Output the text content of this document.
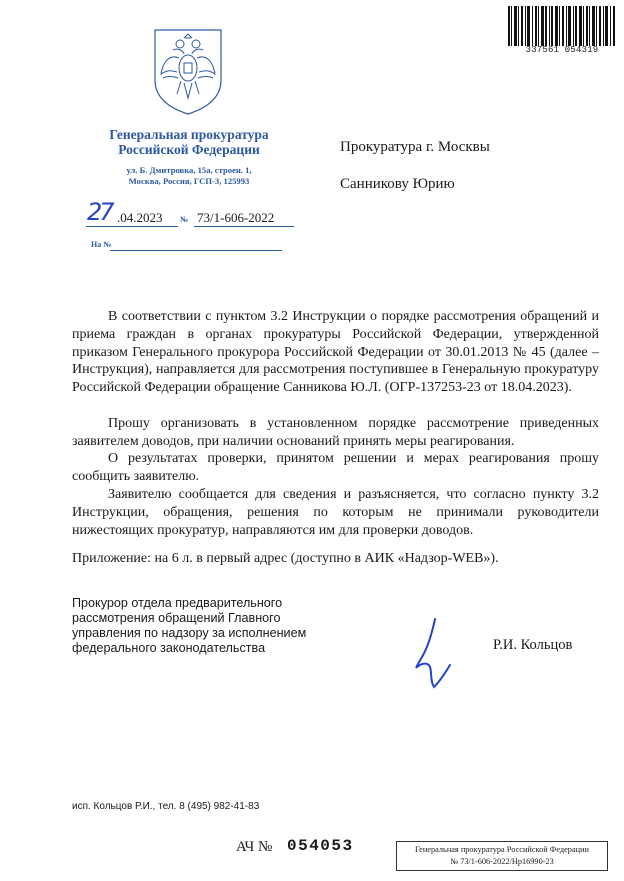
337561 054319
Генеральная прокуратура
Российской Федерации
ул. Б. Дмитровка, 15а, строен. 1,
Москва, Россия, ГСП-3, 125993
27 .04.2023 № 73/1-606-2022
На №
Прокуратура г. Москвы
Санникову Юрию
В соответствии с пунктом 3.2 Инструкции о порядке рассмотрения обращений и приема граждан в органах прокуратуры Российской Федерации, утвержденной приказом Генерального прокурора Российской Федерации от 30.01.2013 № 45 (далее – Инструкция), направляется для рассмотрения поступившее в Генеральную прокуратуру Российской Федерации обращение Санникова Ю.Л. (ОГР-137253-23 от 18.04.2023).
Прошу организовать в установленном порядке рассмотрение приведенных заявителем доводов, при наличии оснований принять меры реагирования.
О результатах проверки, принятом решении и мерах реагирования прошу сообщить заявителю.
Заявителю сообщается для сведения и разъясняется, что согласно пункту 3.2 Инструкции, обращения, решения по которым не принимали руководители нижестоящих прокуратур, направляются им для проверки доводов.
Приложение: на 6 л. в первый адрес (доступно в АИК «Надзор-WEB»).
Прокурор отдела предварительного
рассмотрения обращений Главного
управления по надзору за исполнением
федерального законодательства	Р.И. Кольцов
исп. Кольцов Р.И., тел. 8 (495) 982-41-83
АЧ № 054053	Генеральная прокуратура Российской Федерации
№ 73/1-606-2022/Нр16990-23
